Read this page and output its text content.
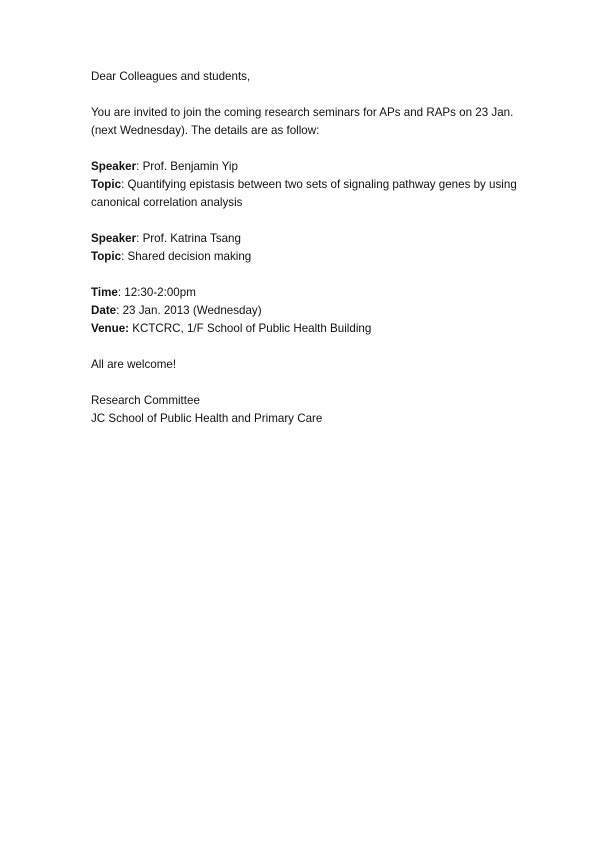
Dear Colleagues and students,

You are invited to join the coming research seminars for APs and RAPs on 23 Jan.

(next Wednesday). The details are as follow:

Speaker: Prof. Benjamin Yip

Topic: Quantifying epistasis between two sets of signaling pathway genes by using

canonical correlation analysis

Speaker: Prof. Katrina Tsang

Topic: Shared decision making

Time: 12:30-2:00pm

Date: 23 Jan. 2013 (Wednesday)

Venue: KCTCRC, 1/F School of Public Health Building

All are welcome!

Research Committee

JC School of Public Health and Primary Care
